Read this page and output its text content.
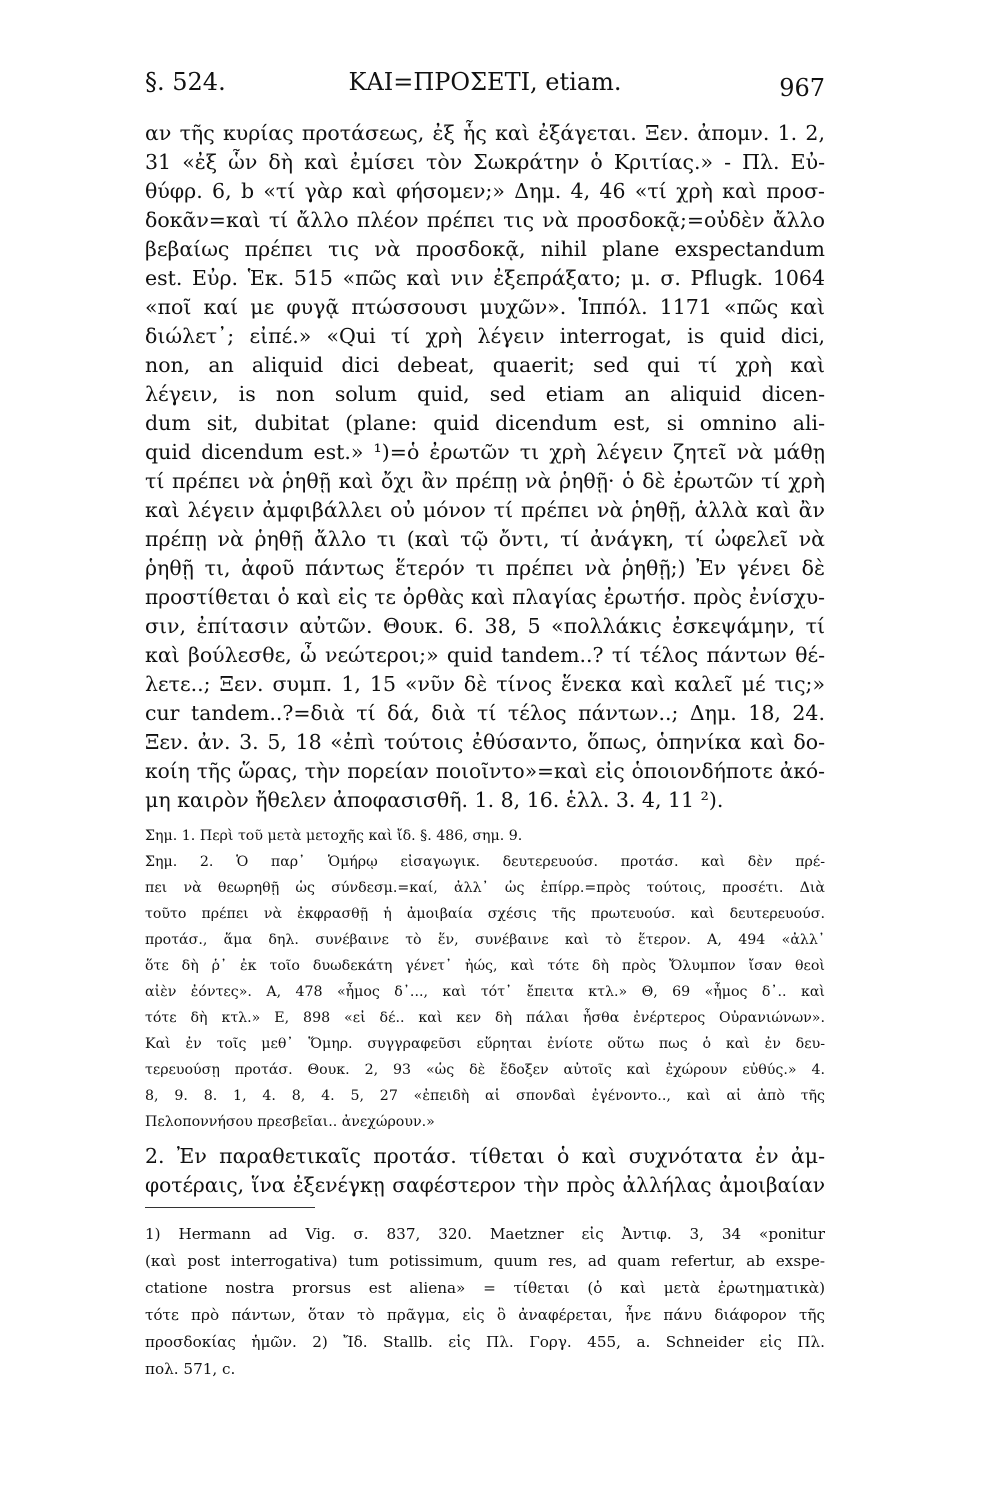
§. 524.	ΚΑΙ=ΠΡΟΣΕΤΙ, etiam.	967
αν τῆς κυρίας προτάσεως, ἐξ ἧς καὶ ἐξάγεται. Ξεν. ἀπομν. 1. 2,
31 «ἐξ ὧν δὴ καὶ ἐμίσει τὸν Σωκράτην ὁ Κριτίας.» - Πλ. Εὐ-
θύφρ. 6, b «τί γὰρ καὶ φήσομεν;» Δημ. 4, 46 «τί χρὴ καὶ προσ-
δοκᾶν=καὶ τί ἄλλο πλέον πρέπει τις νὰ προσδοκᾷ;=οὐδὲν ἄλλο
βεβαίως πρέπει τις νὰ προσδοκᾷ, nihil plane exspectandum
est. Εὐρ. Ἑκ. 515 «πῶς καὶ νιν ἐξεπράξατο; μ. σ. Pflugk. 1064
«ποῖ καί με φυγᾷ πτώσσουσι μυχῶν». Ἱππόλ. 1171 «πῶς καὶ
διώλετ᾽; εἰπέ.» «Qui τί χρὴ λέγειν interrogat, is quid dici,
non, an aliquid dici debeat, quaerit; sed qui τί χρὴ καὶ
λέγειν, is non solum quid, sed etiam an aliquid dicen-
dum sit, dubitat (plane: quid dicendum est, si omnino ali-
quid dicendum est.» ¹)=ὁ ἐρωτῶν τι χρὴ λέγειν ζητεῖ νὰ μάθῃ
τί πρέπει νὰ ῥηθῇ καὶ ὄχι ἂν πρέπῃ νὰ ῥηθῇ· ὁ δὲ ἐρωτῶν τί χρὴ
καὶ λέγειν ἀμφιβάλλει οὐ μόνον τί πρέπει νὰ ῥηθῇ, ἀλλὰ καὶ ἂν
πρέπῃ νὰ ῥηθῇ ἄλλο τι (καὶ τῷ ὄντι, τί ἀνάγκη, τί ὠφελεῖ νὰ
ῥηθῇ τι, ἀφοῦ πάντως ἕτερόν τι πρέπει νὰ ῥηθῇ;) Ἐν γένει δὲ
προστίθεται ὁ καὶ εἰς τε ὀρθὰς καὶ πλαγίας ἐρωτήσ. πρὸς ἐνίσχυ-
σιν, ἐπίτασιν αὐτῶν. Θουκ. 6. 38, 5 «πολλάκις ἐσκεψάμην, τί
καὶ βούλεσθε, ὦ νεώτεροι;» quid tandem..? τί τέλος πάντων θέ-
λετε..; Ξεν. συμπ. 1, 15 «νῦν δὲ τίνος ἕνεκα καὶ καλεῖ μέ τις;»
cur tandem..?=διὰ τί δά, διὰ τί τέλος πάντων..; Δημ. 18, 24.
Ξεν. ἀν. 3. 5, 18 «ἐπὶ τούτοις ἐθύσαντο, ὅπως, ὁπηνίκα καὶ δο-
κοίη τῆς ὥρας, τὴν πορείαν ποιοῖντο»=καὶ εἰς ὁποιονδήποτε ἀκό-
μη καιρὸν ἤθελεν ἀποφασισθῆ. 1. 8, 16. ἑλλ. 3. 4, 11 ²).
Σημ. 1. Περὶ τοῦ μετὰ μετοχῆς καὶ ἴδ. §. 486, σημ. 9.
Σημ. 2. Ὁ παρ᾽ Ὁμήρῳ εἰσαγωγικ. δευτερευούσ. προτάσ. καὶ δὲν πρέ-
πει νὰ θεωρηθῇ ὡς σύνδεσμ.=καί, ἀλλ᾽ ὡς ἐπίρρ.=πρὸς τούτοις, προσέτι. Διὰ
τοῦτο πρέπει νὰ ἐκφρασθῇ ἡ ἀμοιβαία σχέσις τῆς πρωτευούσ. καὶ δευτερευούσ.
προτάσ., ἅμα δηλ. συνέβαινε τὸ ἕν, συνέβαινε καὶ τὸ ἕτερον. Α, 494 «ἀλλ᾽
ὅτε δὴ ῥ᾽ ἐκ τοῖο δυωδεκάτη γένετ᾽ ἠώς, καὶ τότε δὴ πρὸς Ὄλυμπον ἴσαν θεοὶ
αἰὲν ἐόντες». Α, 478 «ἦμος δ᾽..., καὶ τότ᾽ ἔπειτα κτλ.» Θ, 69 «ἦμος δ᾽.. καὶ
τότε δὴ κτλ.» Ε, 898 «εἰ δέ.. καὶ κεν δὴ πάλαι ἦσθα ἐνέρτερος Οὐρανιώνων».
Καὶ ἐν τοῖς μεθ᾽ Ὅμηρ. συγγραφεῦσι εὕρηται ἐνίοτε οὕτω πως ὁ καὶ ἐν δευ-
τερευούσῃ προτάσ. Θουκ. 2, 93 «ὡς δὲ ἔδοξεν αὐτοῖς καὶ ἐχώρουν εὐθύς.» 4.
8, 9. 8. 1, 4. 8, 4. 5, 27 «ἐπειδὴ αἱ σπονδαὶ ἐγένοντο.., καὶ αἱ ἀπὸ τῆς
Πελοποννήσου πρεσβεῖαι.. ἀνεχώρουν.»
2. Ἐν παραθετικαῖς προτάσ. τίθεται ὁ καὶ συχνότατα ἐν ἀμ-
φοτέραις, ἵνα ἐξενέγκῃ σαφέστερον τὴν πρὸς ἀλλήλας ἀμοιβαίαν
1) Hermann ad Vig. σ. 837, 320. Maetzner εἰς Ἀντιφ. 3, 34 «ponitur
(καὶ post interrogativa) tum potissimum, quum res, ad quam refertur, ab exspe-
ctatione nostra prorsus est aliena» = τίθεται (ὁ καὶ μετὰ ἐρωτηματικὰ)
τότε πρὸ πάντων, ὅταν τὸ πρᾶγμα, εἰς ὃ ἀναφέρεται, ἦνε πάνυ διάφορον τῆς
προσδοκίας ἡμῶν. 2) Ἴδ. Stallb. εἰς Πλ. Γοργ. 455, a. Schneider εἰς Πλ.
πολ. 571, c.
